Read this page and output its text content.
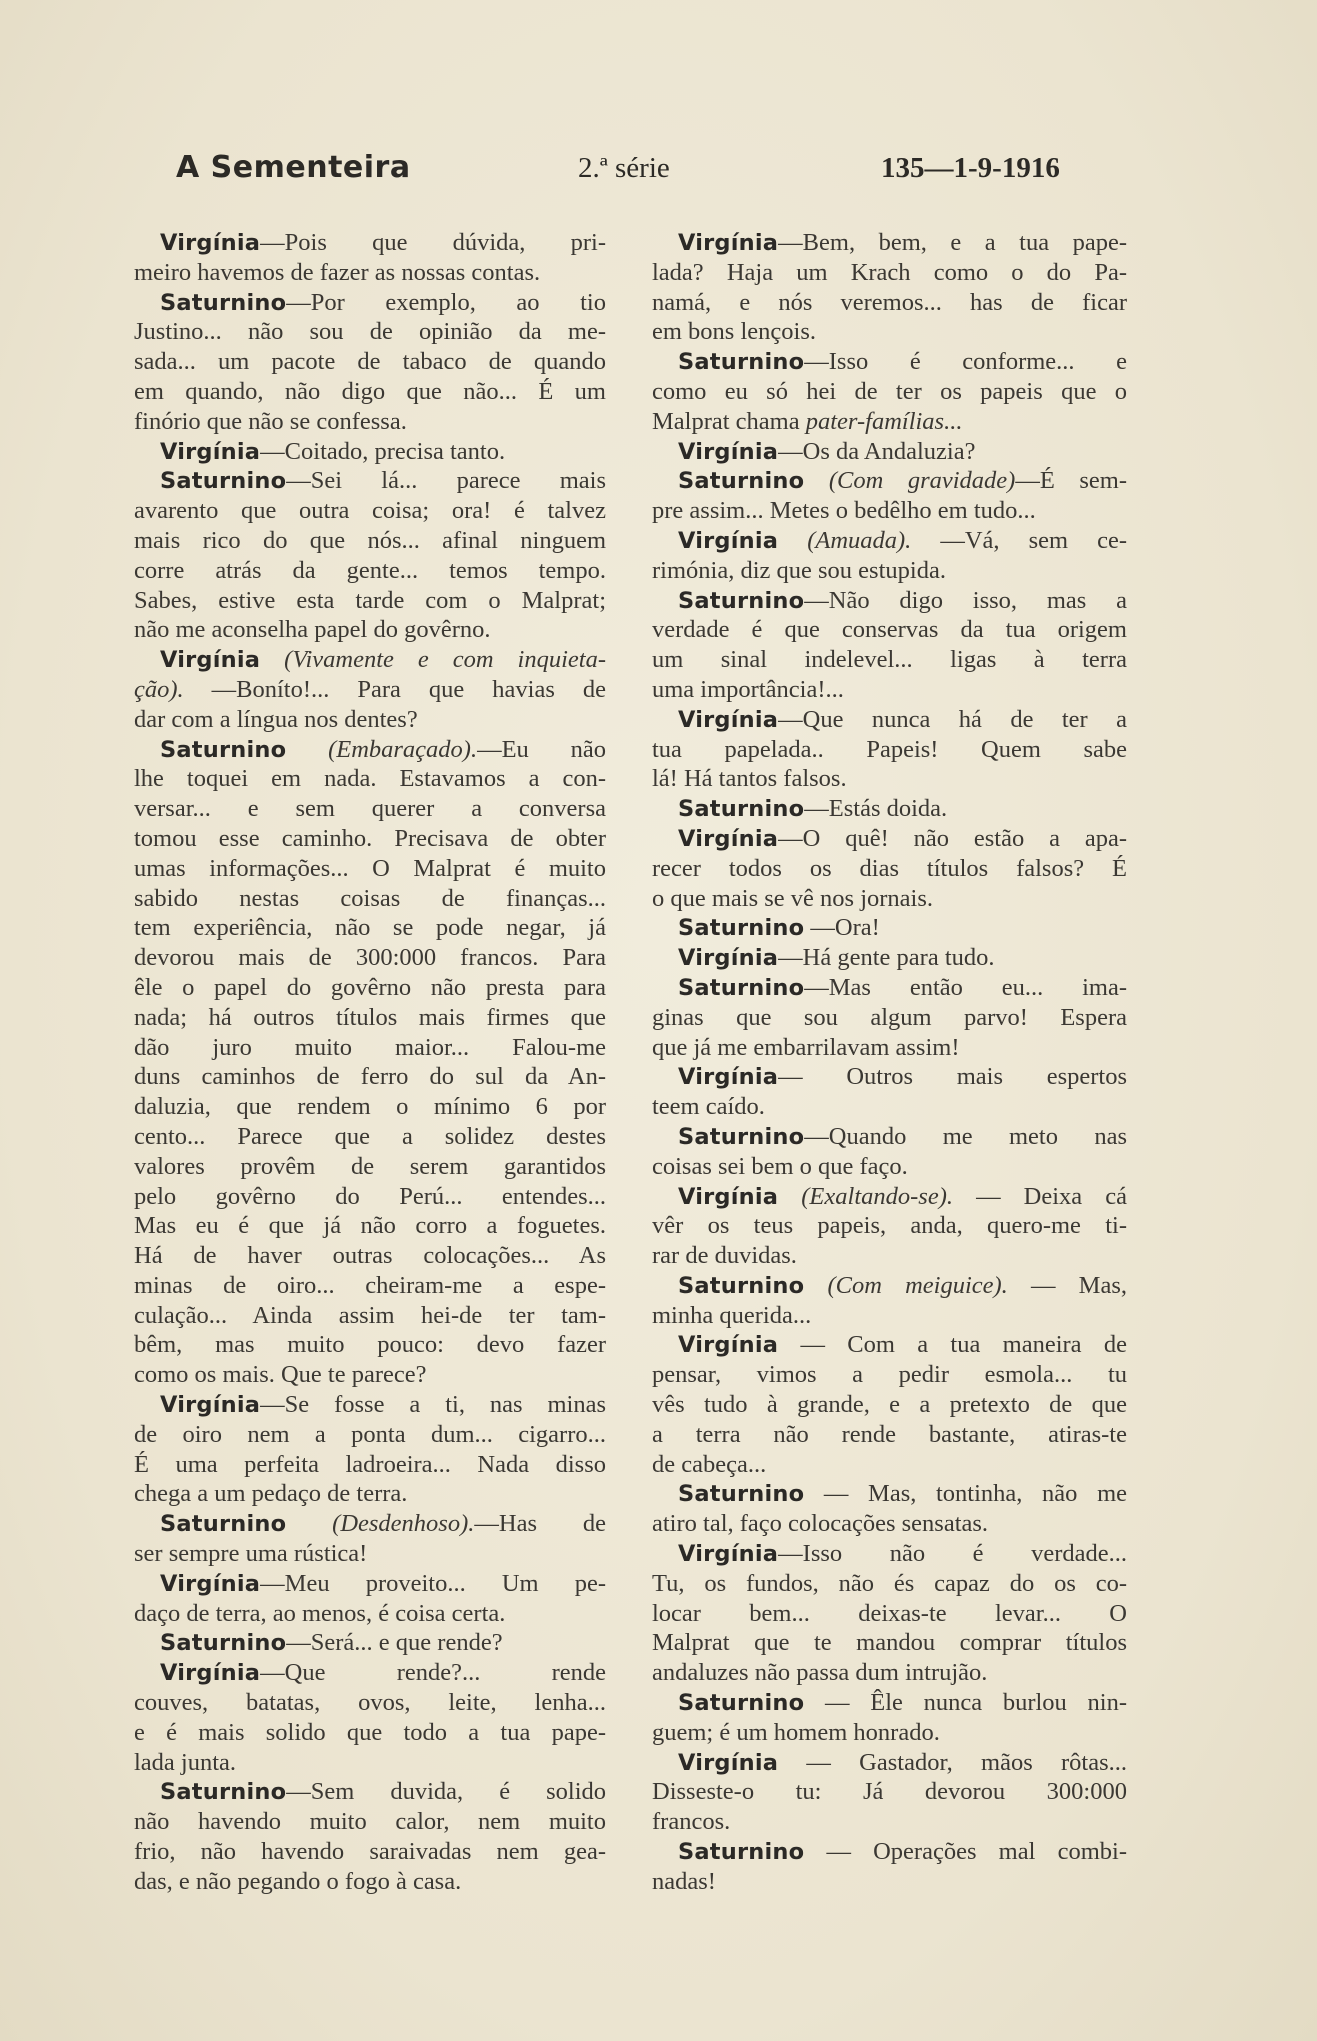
A Sementeira	2.ª série	135—1-9-1916
Virgínia—Pois que dúvida, pri-
meiro havemos de fazer as nossas contas.
Saturnino—Por exemplo, ao tio
Justino... não sou de opinião da me-
sada... um pacote de tabaco de quando
em quando, não digo que não... É um
finório que não se confessa.
Virgínia—Coitado, precisa tanto.
Saturnino—Sei lá... parece mais
avarento que outra coisa; ora! é talvez
mais rico do que nós... afinal ninguem
corre atrás da gente... temos tempo.
Sabes, estive esta tarde com o Malprat;
não me aconselha papel do govêrno.
Virgínia (Vivamente e com inquieta-
ção). —Boníto!... Para que havias de
dar com a língua nos dentes?
Saturnino (Embaraçado).—Eu não
lhe toquei em nada. Estavamos a con-
versar... e sem querer a conversa
tomou esse caminho. Precisava de obter
umas informações... O Malprat é muito
sabido nestas coisas de finanças...
tem experiência, não se pode negar, já
devorou mais de 300:000 francos. Para
êle o papel do govêrno não presta para
nada; há outros títulos mais firmes que
dão juro muito maior... Falou-me
duns caminhos de ferro do sul da An-
daluzia, que rendem o mínimo 6 por
cento... Parece que a solidez destes
valores provêm de serem garantidos
pelo govêrno do Perú... entendes...
Mas eu é que já não corro a foguetes.
Há de haver outras colocações... As
minas de oiro... cheiram-me a espe-
culação... Ainda assim hei-de ter tam-
bêm, mas muito pouco: devo fazer
como os mais. Que te parece?
Virgínia—Se fosse a ti, nas minas
de oiro nem a ponta dum... cigarro...
É uma perfeita ladroeira... Nada disso
chega a um pedaço de terra.
Saturnino (Desdenhoso).—Has de
ser sempre uma rústica!
Virgínia—Meu proveito... Um pe-
daço de terra, ao menos, é coisa certa.
Saturnino—Será... e que rende?
Virgínia—Que rende?... rende
couves, batatas, ovos, leite, lenha...
e é mais solido que todo a tua pape-
lada junta.
Saturnino—Sem duvida, é solido
não havendo muito calor, nem muito
frio, não havendo saraivadas nem gea-
das, e não pegando o fogo à casa.
Virgínia—Bem, bem, e a tua pape-
lada? Haja um Krach como o do Pa-
namá, e nós veremos... has de ficar
em bons lençois.
Saturnino—Isso é conforme... e
como eu só hei de ter os papeis que o
Malprat chama pater-famílias...
Virgínia—Os da Andaluzia?
Saturnino (Com gravidade)—É sem-
pre assim... Metes o bedêlho em tudo...
Virgínia (Amuada). —Vá, sem ce-
rimónia, diz que sou estupida.
Saturnino—Não digo isso, mas a
verdade é que conservas da tua origem
um sinal indelevel... ligas à terra
uma importância!...
Virgínia—Que nunca há de ter a
tua papelada.. Papeis! Quem sabe
lá! Há tantos falsos.
Saturnino—Estás doida.
Virgínia—O quê! não estão a apa-
recer todos os dias títulos falsos? É
o que mais se vê nos jornais.
Saturnino —Ora!
Virgínia—Há gente para tudo.
Saturnino—Mas então eu... ima-
ginas que sou algum parvo! Espera
que já me embarrilavam assim!
Virgínia— Outros mais espertos
teem caído.
Saturnino—Quando me meto nas
coisas sei bem o que faço.
Virgínia (Exaltando-se). — Deixa cá
vêr os teus papeis, anda, quero-me ti-
rar de duvidas.
Saturnino (Com meiguice). — Mas,
minha querida...
Virgínia — Com a tua maneira de
pensar, vimos a pedir esmola... tu
vês tudo à grande, e a pretexto de que
a terra não rende bastante, atiras-te
de cabeça...
Saturnino — Mas, tontinha, não me
atiro tal, faço colocações sensatas.
Virgínia—Isso não é verdade...
Tu, os fundos, não és capaz do os co-
locar bem... deixas-te levar... O
Malprat que te mandou comprar títulos
andaluzes não passa dum intrujão.
Saturnino — Êle nunca burlou nin-
guem; é um homem honrado.
Virgínia — Gastador, mãos rôtas...
Disseste-o tu: Já devorou 300:000
francos.
Saturnino — Operações mal combi-
nadas!
